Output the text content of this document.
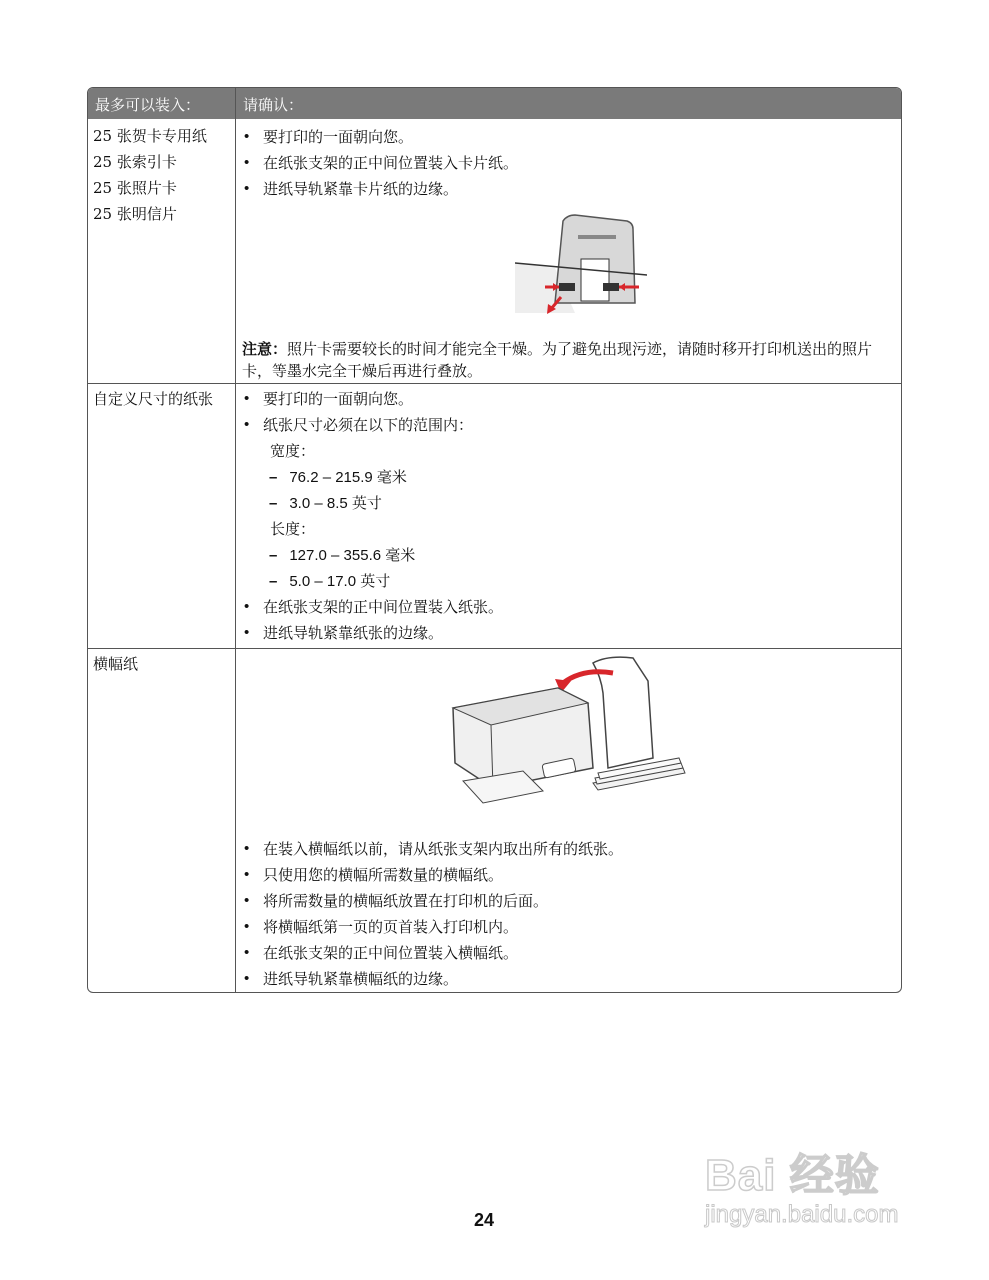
最多可以装入：	请确认：
25 张贺卡专用纸
25 张索引卡
25 张照片卡
25 张明信片
• 要打印的一面朝向您。
• 在纸张支架的正中间位置装入卡片纸。
• 进纸导轨紧靠卡片纸的边缘。
注意：照片卡需要较长的时间才能完全干燥。为了避免出现污迹，请随时移开打印机送出的照片卡，等墨水完全干燥后再进行叠放。
自定义尺寸的纸张
•	要打印的一面朝向您。
• 纸张尺寸必须在以下的范围内：
宽度：
– 76.2 – 215.9 毫米
– 3.0 – 8.5 英寸
长度：
– 127.0 – 355.6 毫米
– 5.0 – 17.0 英寸
• 在纸张支架的正中间位置装入纸张。
• 进纸导轨紧靠纸张的边缘。
横幅纸
• 在装入横幅纸以前，请从纸张支架内取出所有的纸张。
• 只使用您的横幅所需数量的横幅纸。
• 将所需数量的横幅纸放置在打印机的后面。
• 将横幅纸第一页的页首装入打印机内。
• 在纸张支架的正中间位置装入横幅纸。
• 进纸导轨紧靠横幅纸的边缘。
Bai 经验
jingyan.baidu.com
24
